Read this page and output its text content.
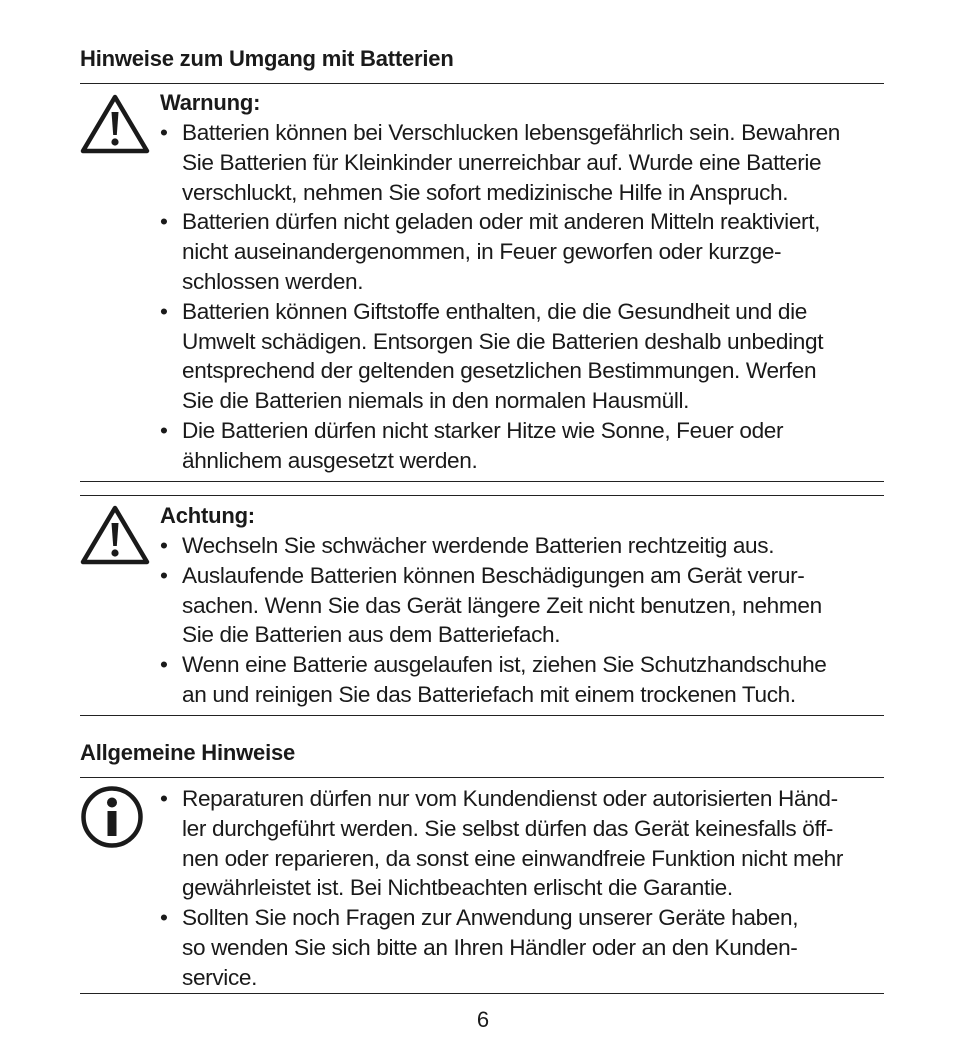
Hinweise zum Umgang mit Batterien

Warnung:

• Batterien können bei Verschlucken lebensgefährlich sein. Bewahren
Sie Batterien für Kleinkinder unerreichbar auf. Wurde eine Batterie
verschluckt, nehmen Sie sofort medizinische Hilfe in Anspruch.
• Batterien dürfen nicht geladen oder mit anderen Mitteln reaktiviert,
nicht auseinandergenommen, in Feuer geworfen oder kurzge-
schlossen werden.
• Batterien können Giftstoffe enthalten, die die Gesundheit und die
Umwelt schädigen. Entsorgen Sie die Batterien deshalb unbedingt
entsprechend der geltenden gesetzlichen Bestimmungen. Werfen
Sie die Batterien niemals in den normalen Hausmüll.
• Die Batterien dürfen nicht starker Hitze wie Sonne, Feuer oder
ähnlichem ausgesetzt werden.

Achtung:

• Wechseln Sie schwächer werdende Batterien rechtzeitig aus.
• Auslaufende Batterien können Beschädigungen am Gerät verur-
sachen. Wenn Sie das Gerät längere Zeit nicht benutzen, nehmen
Sie die Batterien aus dem Batteriefach.
• Wenn eine Batterie ausgelaufen ist, ziehen Sie Schutzhandschuhe
an und reinigen Sie das Batteriefach mit einem trockenen Tuch.
Allgemeine Hinweise
• Reparaturen dürfen nur vom Kundendienst oder autorisierten Händ-
ler durchgeführt werden. Sie selbst dürfen das Gerät keinesfalls öff-
nen oder reparieren, da sonst eine einwandfreie Funktion nicht mehr
gewährleistet ist. Bei Nichtbeachten erlischt die Garantie.
• Sollten Sie noch Fragen zur Anwendung unserer Geräte haben,
so wenden Sie sich bitte an Ihren Händler oder an den Kunden-
service.
6
